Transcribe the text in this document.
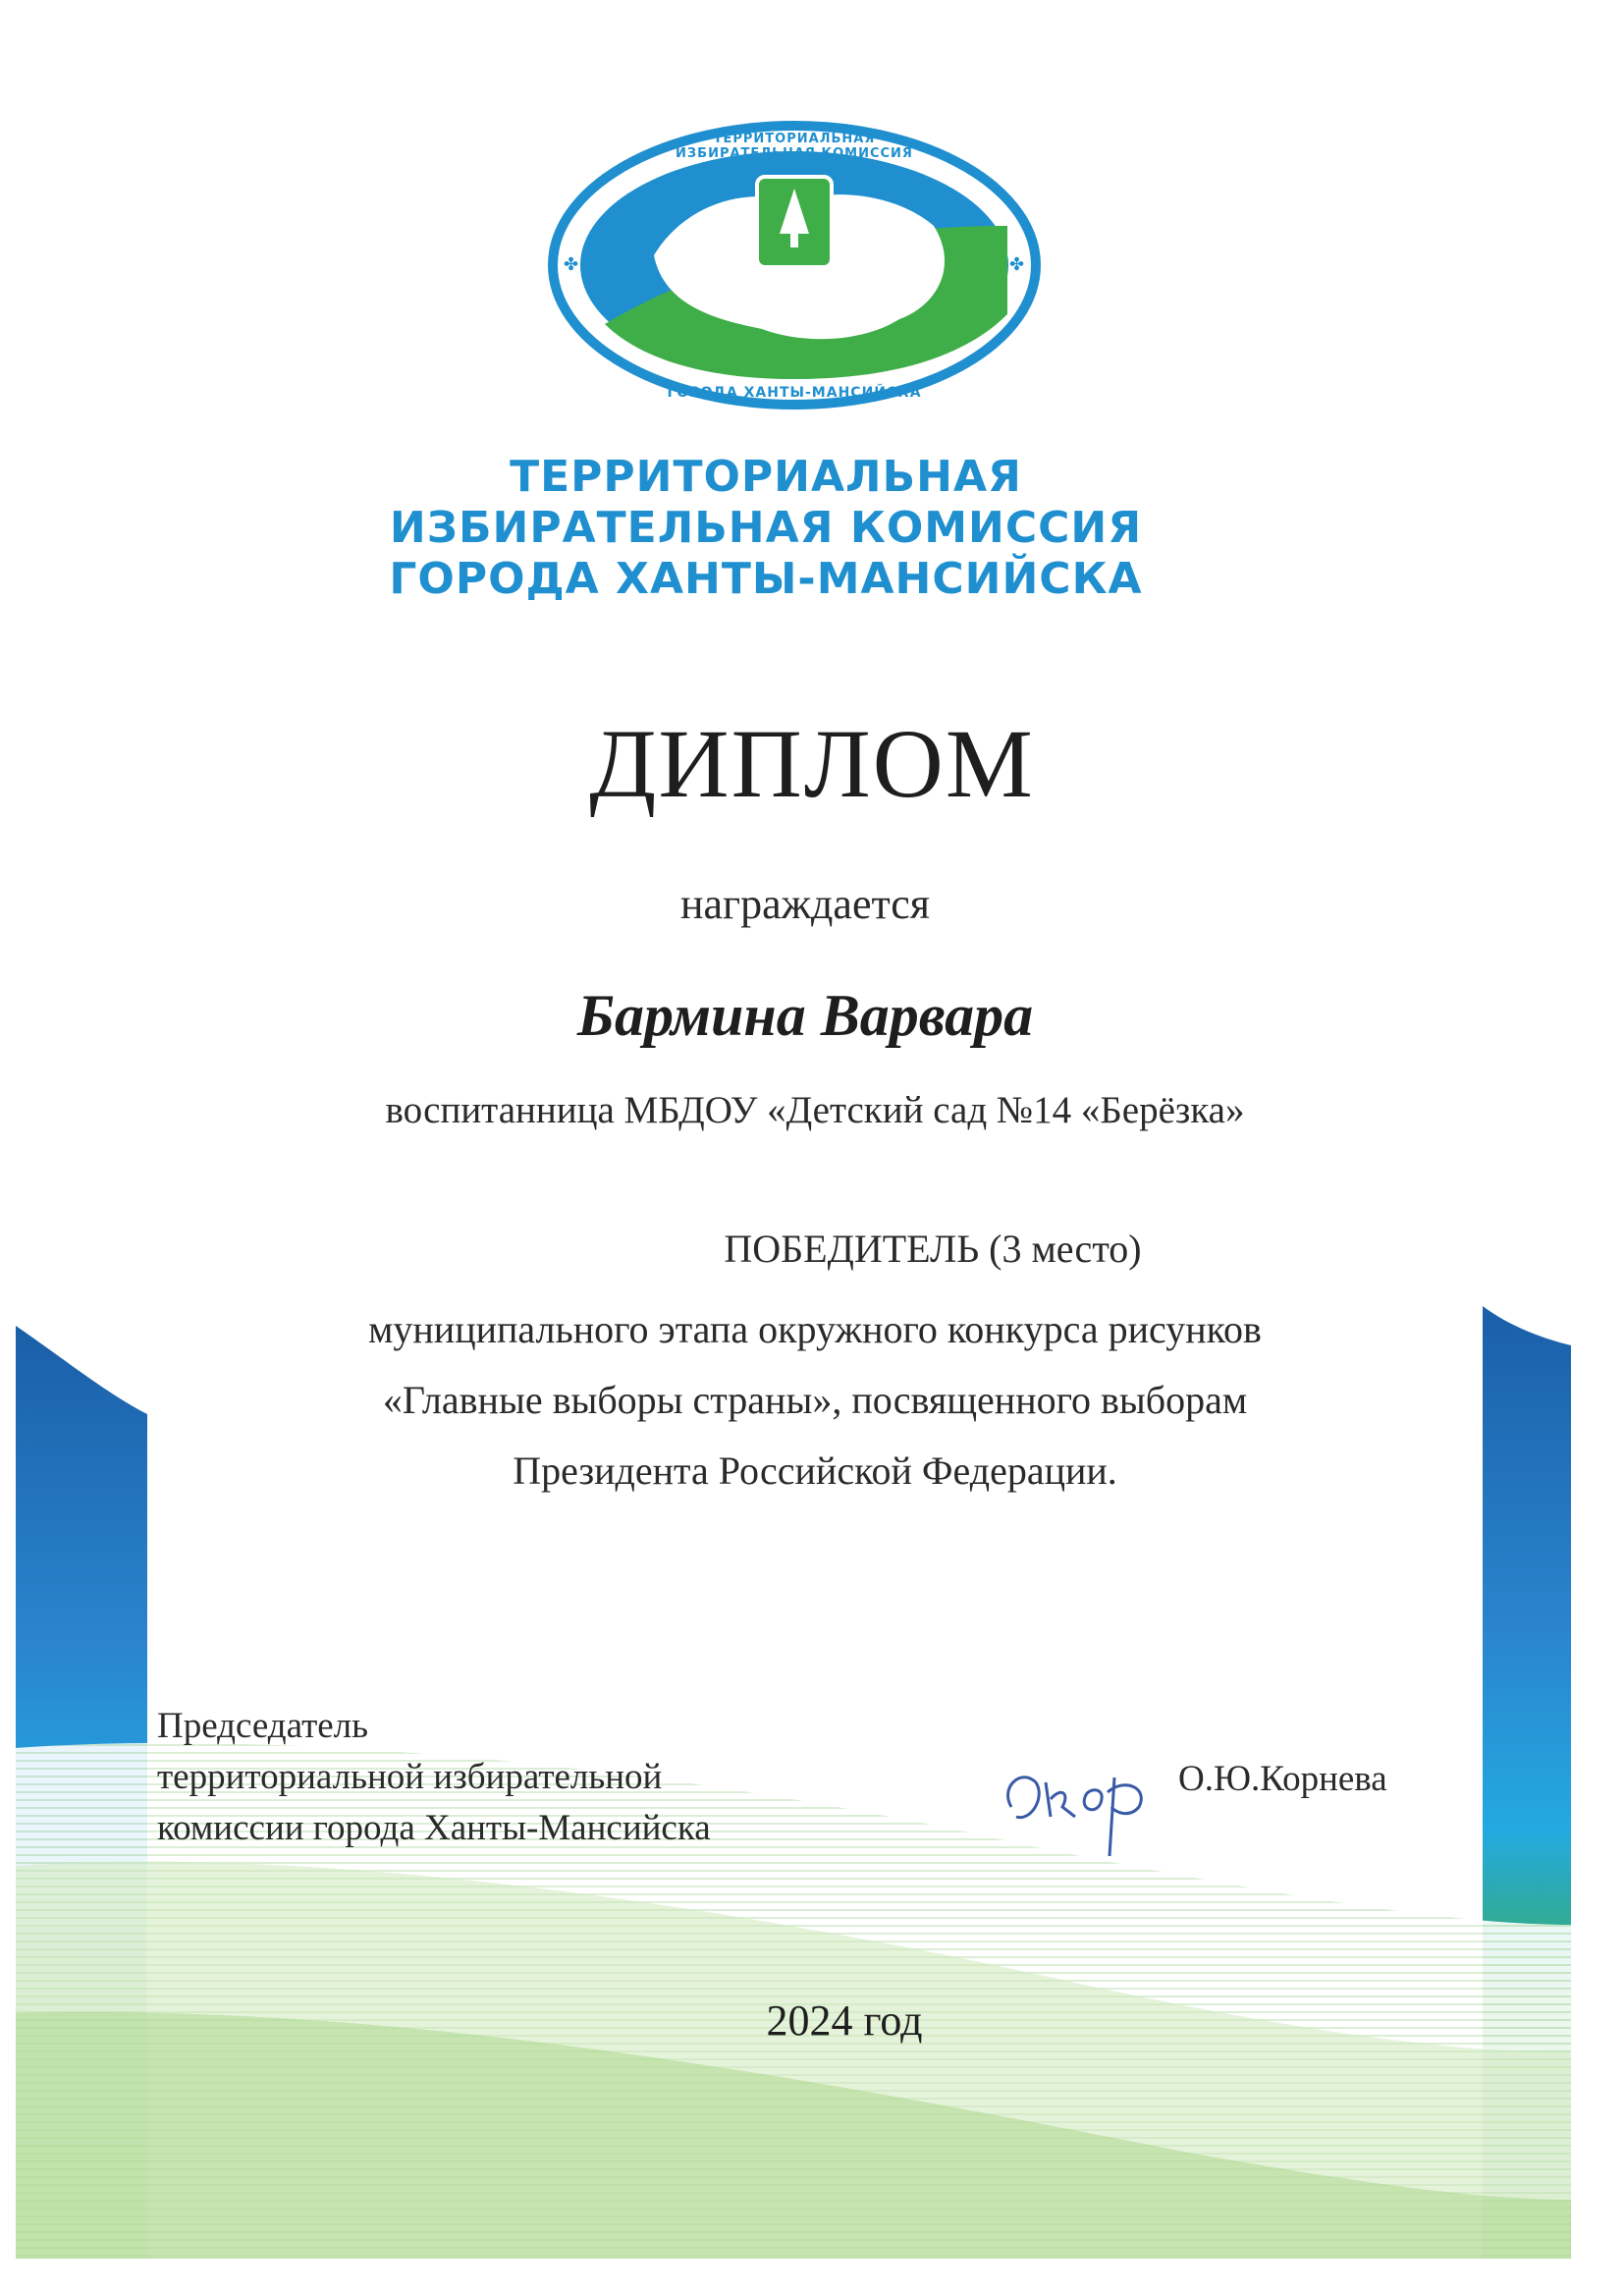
✤	✤
ТЕРРИТОРИАЛЬНАЯ ИЗБИРАТЕЛЬНАЯ КОМИССИЯ
ГОРОДА ХАНТЫ-МАНСИЙСКА
ТЕРРИТОРИАЛЬНАЯ
ИЗБИРАТЕЛЬНАЯ КОМИССИЯ
ГОРОДА ХАНТЫ-МАНСИЙСКА
ДИПЛОМ
награждается
Бармина Варвара
воспитанница МБДОУ «Детский сад №14 «Берёзка»
ПОБЕДИТЕЛЬ (3 место)
муниципального этапа окружного конкурса рисунков
«Главные выборы страны», посвященного выборам
Президента Российской Федерации.
Председатель
территориальной избирательной
комиссии города Ханты-Мансийска
О.Ю.Корнева
2024 год
